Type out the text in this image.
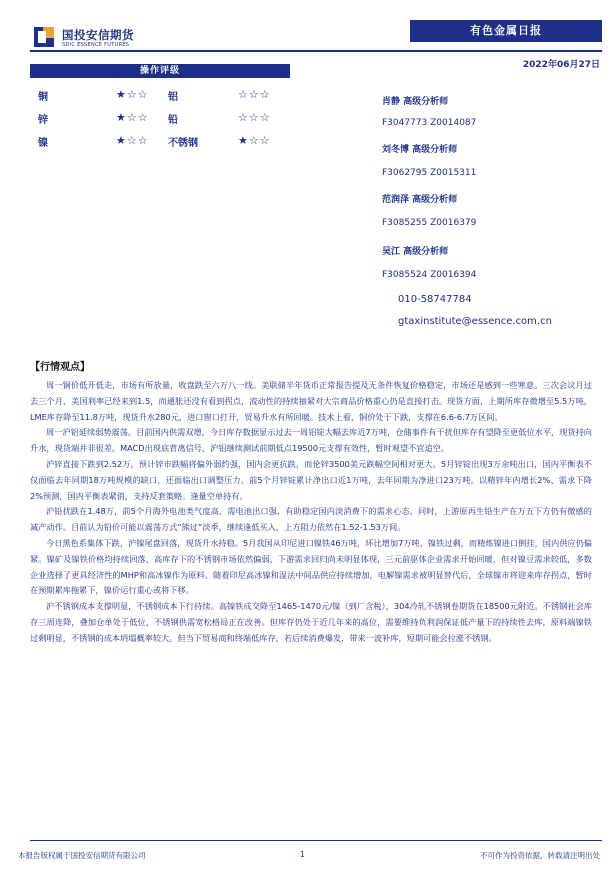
国投安信期货
SDIC ESSENCE FUTURES
有色金属日报
2022年06月27日
操作评级
铜	★☆☆ 铝	☆☆☆
锌	★☆☆ 铅	☆☆☆
镍	★☆☆ 不锈钢	★☆☆
肖静 高级分析师
F3047773 Z0014087
刘冬博 高级分析师
F3062795 Z0015311
范润泽 高级分析师
F3085255 Z0016379
吴江 高级分析师
F3085524 Z0016394
010-58747784
gtaxinstitute@essence.com.cn
【行情观点】

周一铜价低开低走，市场有所放量，收盘跌至六万八一线。美联储半年货币正常报告提及无条件恢复价格稳定，市场还是感到一些寒意。三次会议月过去三个月，美国利率已经来到1.5，而通胀还没有看到拐点，流动性的持续抽紧对大宗商品价格重心仍是直接打击。现货方面，上期所库存微增至5.5万吨，LME库存降至11.8万吨，现货升水280元，进口窗口打开，贸易升水有所回暖。技术上看，铜价处于下跌，支撑在6.6-6.7万区间。

周一沪铝延续弱势震荡。目前国内供需双增，今日库存数据显示过去一周铝锭大幅去库近7万吨，仓储事件有干扰但库存有望降至更低位水平，现货持向升水，现货端并非很差。MACD出现底背离信号，沪铝继续测试前期低点19500元支撑有效性，暂时观望不宜追空。

沪锌直接下跌到2.52万，预计锌市跌幅将偏外弱约强，国内会更抗跌，而伦锌3500美元跌幅空间相对更大。5月锌锭出现3万余吨出口，国内平衡表不仅面临去年同期18万吨规模的缺口，还面临出口调整压力。前5个月锌锭累计净出口近1万吨，去年同期为净进口23万吨。以精锌年内增长2%、需求下降2%预测，国内平衡表紧俏，支持反套策略。逢量空单持有。

沪铅扰跌在1.48万，前5个月海外电池类气度高、需电池出口强，有助稳定国内淡消费下的需求心态。同时，上游原再生铅生产在万五下方仍有微感的减产动作。目前认为铅价可能以震荡方式“熊过”淡季，继续逢低买入，上方阻力依然在1.52-1.53万间。

今日黑色系集体下跌，沪镍尾盘回落，现货升水持稳。5月我国从印尼进口镍铁46万吨，环比增加7万吨，镍铁过剩，而精炼镍进口倒挂，国内供应仍偏紧。镍矿及镍铁价格均持续回落，高库存下的不锈钢市场依然偏弱，下游需求回归尚未明显体现，三元前驱体企业需求开始回暖，但对镍豆需求较低，多数企业选择了更具经济性的MHP和高冰镍作为原料。随着印尼高冰镍和湿法中间品供应持续增加，电解镍需求被明显替代后，全球镍市将迎来库存拐点，暂时在预期累库拖累下，镍价运行重心或将下移。

沪不锈钢成本支撑明显，不锈钢成本下行持续。高镍铁成交降至1465-1470元/镍（到厂含税），304冷轧不锈钢卷期货在18500元附近。不锈钢社会库存三周连降，叠加仓单处于低位，不锈钢供需宽松格局正在改善。但库存仍处于近几年来的高位，需要维持负利润保证低产量下的持续性去库，原料端镍铁过剩明显，不锈钢的成本坍塌概率较大。但当下贸易商和终端低库存，若后续消费爆发，带来一波补库，短期可能会拉涨不锈钢。

本报告版权属于国投安信期货有限公司	1	不可作为投资依据，转载请注明出处
